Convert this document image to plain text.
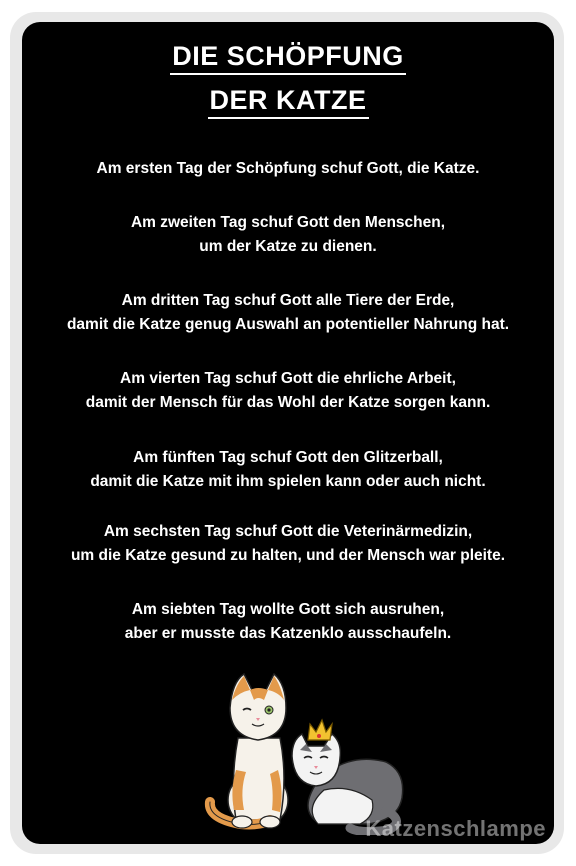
DIE SCHÖPFUNG
DER KATZE
Am ersten Tag der Schöpfung schuf Gott, die Katze.
Am zweiten Tag schuf Gott den Menschen,
um der Katze zu dienen.
Am dritten Tag schuf Gott alle Tiere der Erde,
damit die Katze genug Auswahl an potentieller Nahrung hat.
Am vierten Tag schuf Gott die ehrliche Arbeit,
damit der Mensch für das Wohl der Katze sorgen kann.
Am fünften Tag schuf Gott den Glitzerball,
damit die Katze mit ihm spielen kann oder auch nicht.
Am sechsten Tag schuf Gott die Veterinärmedizin,
um die Katze gesund zu halten, und der Mensch war pleite.
Am siebten Tag wollte Gott sich ausruhen,
aber er musste das Katzenklo ausschaufeln.
Katzenschlampe
